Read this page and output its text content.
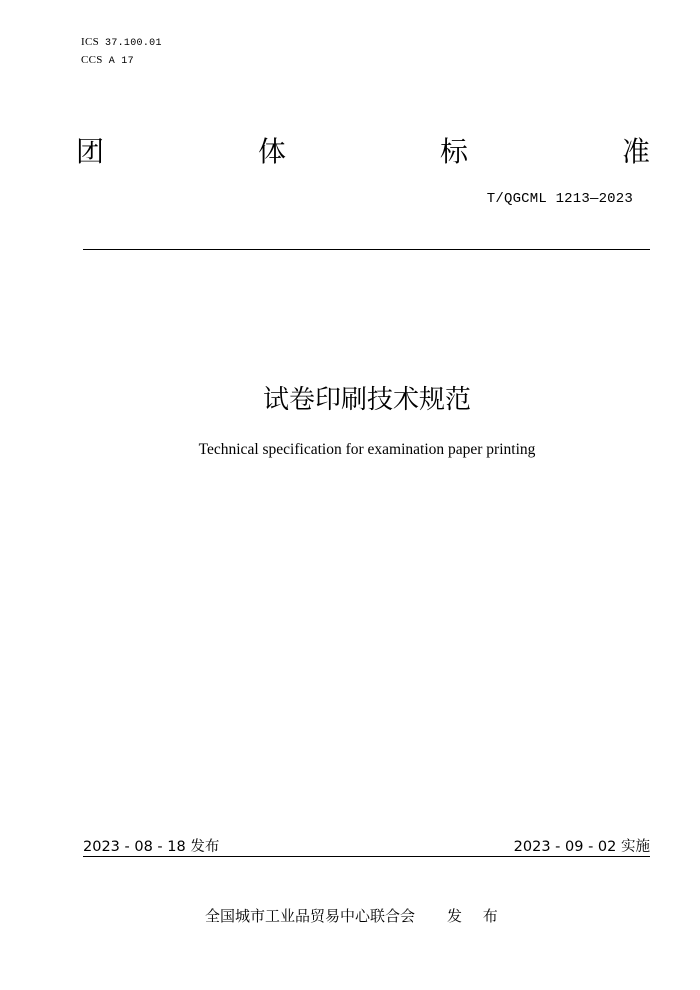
ICS 37.100.01
CCS A 17
团	体	标	准
T/QGCML 1213—2023
试卷印刷技术规范
Technical specification for examination paper printing
2023 - 08 - 18 发布	2023 - 09 - 02 实施
全国城市工业品贸易中心联合会 发 布
